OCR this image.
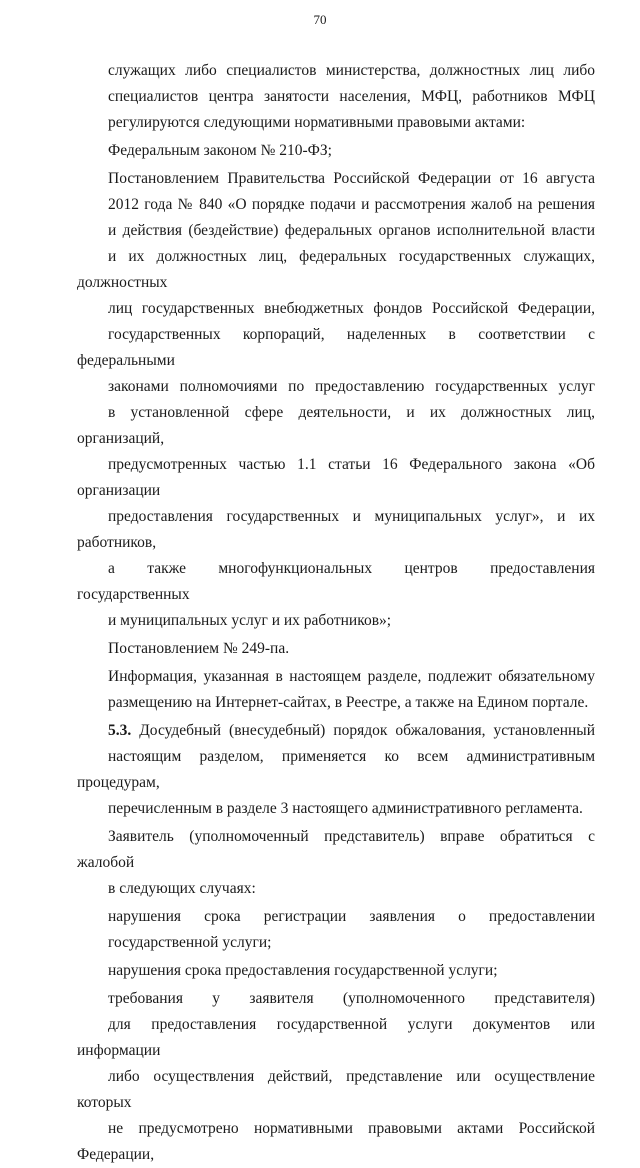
70
служащих либо специалистов министерства, должностных лиц либо
специалистов центра занятости населения, МФЦ, работников МФЦ
регулируются следующими нормативными правовыми актами:
Федеральным законом № 210-ФЗ;
Постановлением Правительства Российской Федерации от 16 августа
2012 года № 840 «О порядке подачи и рассмотрения жалоб на решения
и действия (бездействие) федеральных органов исполнительной власти
и их должностных лиц, федеральных государственных служащих, должностных
лиц государственных внебюджетных фондов Российской Федерации,
государственных корпораций, наделенных в соответствии с федеральными
законами полномочиями по предоставлению государственных услуг
в установленной сфере деятельности, и их должностных лиц, организаций,
предусмотренных частью 1.1 статьи 16 Федерального закона «Об организации
предоставления государственных и муниципальных услуг», и их работников,
а также многофункциональных центров предоставления государственных
и муниципальных услуг и их работников»;
Постановлением № 249-па.
Информация, указанная в настоящем разделе, подлежит обязательному
размещению на Интернет-сайтах, в Реестре, а также на Едином портале.
5.3. Досудебный (внесудебный) порядок обжалования, установленный
настоящим разделом, применяется ко всем административным процедурам,
перечисленным в разделе 3 настоящего административного регламента.
Заявитель (уполномоченный представитель) вправе обратиться с жалобой
в следующих случаях:
нарушения срока регистрации заявления о предоставлении
государственной услуги;
нарушения срока предоставления государственной услуги;
требования у заявителя (уполномоченного представителя)
для предоставления государственной услуги документов или информации
либо осуществления действий, представление или осуществление которых
не предусмотрено нормативными правовыми актами Российской Федерации,
